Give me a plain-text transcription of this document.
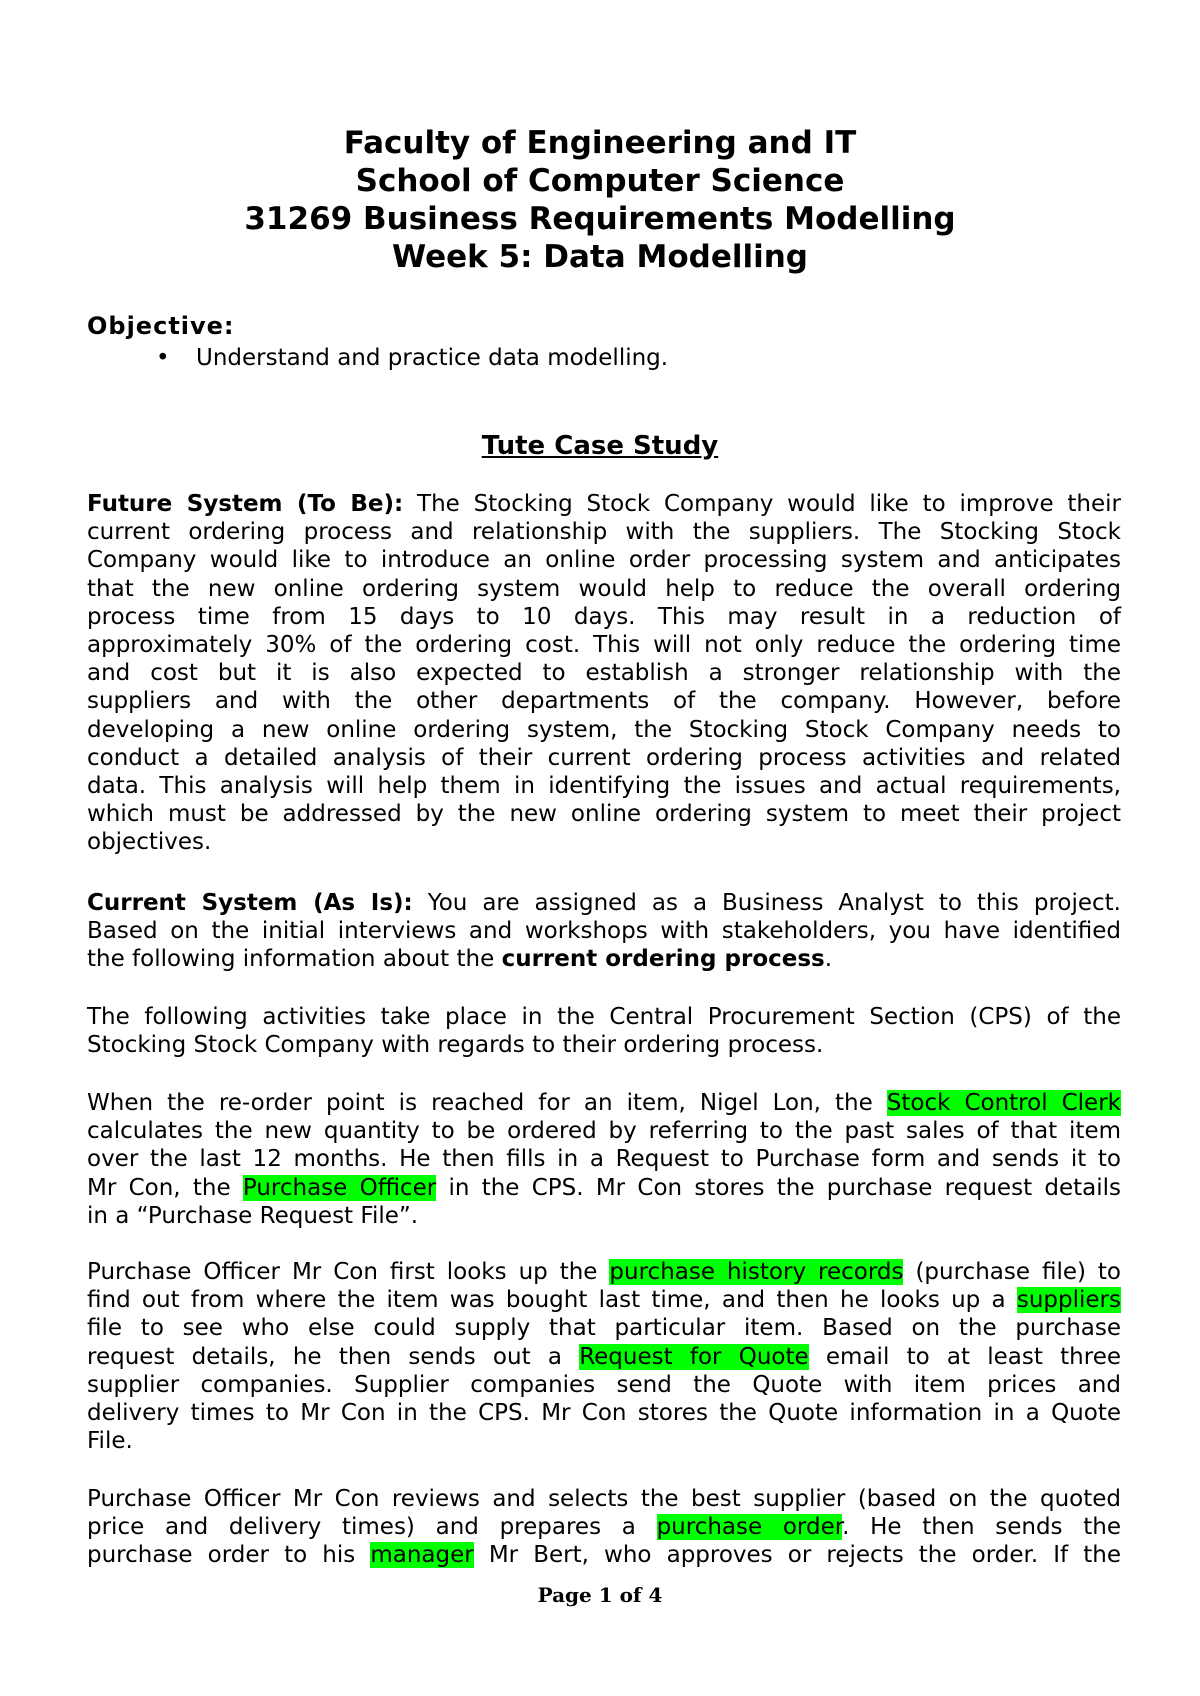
Faculty of Engineering and IT
School of Computer Science
31269 Business Requirements Modelling
Week 5: Data Modelling
Objective:
• Understand and practice data modelling.
Tute Case Study
Future System (To Be): The Stocking Stock Company would like to improve their
current ordering process and relationship with the suppliers. The Stocking Stock
Company would like to introduce an online order processing system and anticipates
that the new online ordering system would help to reduce the overall ordering
process time from 15 days to 10 days. This may result in a reduction of
approximately 30% of the ordering cost. This will not only reduce the ordering time
and cost but it is also expected to establish a stronger relationship with the
suppliers and with the other departments of the company. However, before
developing a new online ordering system, the Stocking Stock Company needs to
conduct a detailed analysis of their current ordering process activities and related
data. This analysis will help them in identifying the issues and actual requirements,
which must be addressed by the new online ordering system to meet their project
objectives.
Current System (As Is): You are assigned as a Business Analyst to this project.
Based on the initial interviews and workshops with stakeholders, you have identified
the following information about the current ordering process.
The following activities take place in the Central Procurement Section (CPS) of the
Stocking Stock Company with regards to their ordering process.
When the re-order point is reached for an item, Nigel Lon, the Stock Control Clerk
calculates the new quantity to be ordered by referring to the past sales of that item
over the last 12 months. He then fills in a Request to Purchase form and sends it to
Mr Con, the Purchase Officer in the CPS. Mr Con stores the purchase request details
in a “Purchase Request File”.
Purchase Officer Mr Con first looks up the purchase history records (purchase file) to
find out from where the item was bought last time, and then he looks up a suppliers
file to see who else could supply that particular item. Based on the purchase
request details, he then sends out a Request for Quote email to at least three
supplier companies. Supplier companies send the Quote with item prices and
delivery times to Mr Con in the CPS. Mr Con stores the Quote information in a Quote
File.
Purchase Officer Mr Con reviews and selects the best supplier (based on the quoted
price and delivery times) and prepares a purchase order. He then sends the
purchase order to his manager Mr Bert, who approves or rejects the order. If the
Page 1 of 4
